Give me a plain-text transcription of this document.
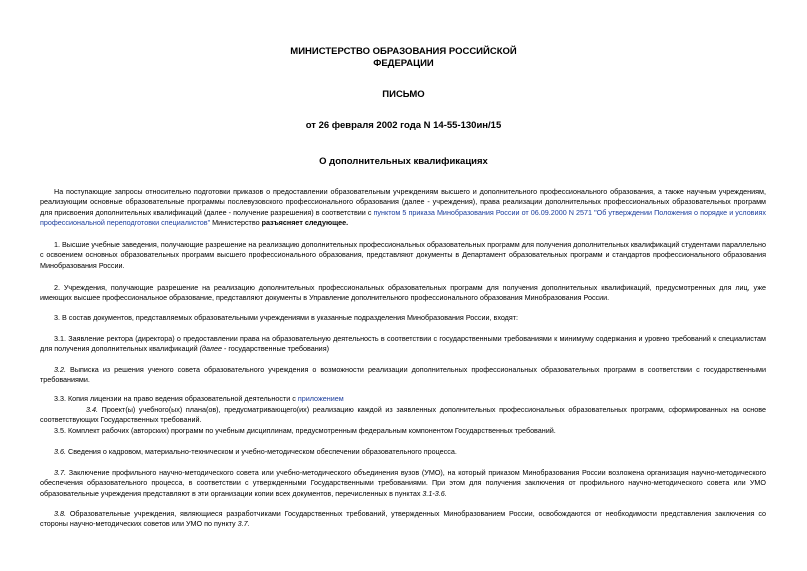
МИНИСТЕРСТВО ОБРАЗОВАНИЯ РОССИЙСКОЙ

ФЕДЕРАЦИИ

ПИСЬМО

от 26 февраля 2002 года N 14-55-130ин/15

О дополнительных квалификациях

На поступающие запросы относительно подготовки приказов о предоставлении образовательным учреждениям высшего и дополнительного профессионального образования, а также научным учреждениям, реализующим основные образовательные программы послевузовского профессионального образования (далее - учреждения), права реализации дополнительных профессиональных образовательных программ для присвоения дополнительных квалификаций (далее - получение разрешения) в соответствии с пунктом 5 приказа Минобразования России от 06.09.2000 N 2571 "Об утверждении Положения о порядке и условиях профессиональной переподготовки специалистов" Министерство разъясняет следующее.

1. Высшие учебные заведения, получающие разрешение на реализацию дополнительных профессиональных образовательных программ для получения дополнительных квалификаций студентами параллельно с освоением основных образовательных программ высшего профессионального образования, представляют документы в Департамент образовательных программ и стандартов профессионального образования Минобразования России.

2. Учреждения, получающие разрешение на реализацию дополнительных профессиональных образовательных программ для получения дополнительных квалификаций, предусмотренных для лиц, уже имеющих высшее профессиональное образование, представляют документы в Управление дополнительного профессионального образования Минобразования России.

3. В состав документов, представляемых образовательными учреждениями в указанные подразделения Минобразования России, входят:

3.1. Заявление ректора (директора) о предоставлении права на образовательную деятельность в соответствии с государственными требованиями к минимуму содержания и уровню требований к специалистам для получения дополнительных квалификаций (далее - государственные требования)

3.2. Выписка из решения ученого совета образовательного учреждения о возможности реализации дополнительных профессиональных образовательных программ в соответствии с государственными требованиями.

3.3. Копия лицензии на право ведения образовательной деятельности с приложением

3.4. Проект(ы) учебного(ых) плана(ов), предусматривающего(их) реализацию каждой из заявленных дополнительных профессиональных образовательных программ, сформированных на основе соответствующих Государственных требований.

3.5. Комплект рабочих (авторских) программ по учебным дисциплинам, предусмотренным федеральным компонентом Государственных требований.

3.6. Сведения о кадровом, материально-техническом и учебно-методическом обеспечении образовательного процесса.

3.7. Заключение профильного научно-методического совета или учебно-методического объединения вузов (УМО), на который приказом Минобразования России возложена организация научно-методического обеспечения образовательного процесса, в соответствии с утвержденными Государственными требованиями. При этом для получения заключения от профильного научно-методического совета или УМО образовательные учреждения представляют в эти организации копии всех документов, перечисленных в пунктах 3.1-3.6.

3.8. Образовательные учреждения, являющиеся разработчиками Государственных требований, утвержденных Минобразованием России, освобождаются от необходимости представления заключения со стороны научно-методических советов или УМО по пункту 3.7.
